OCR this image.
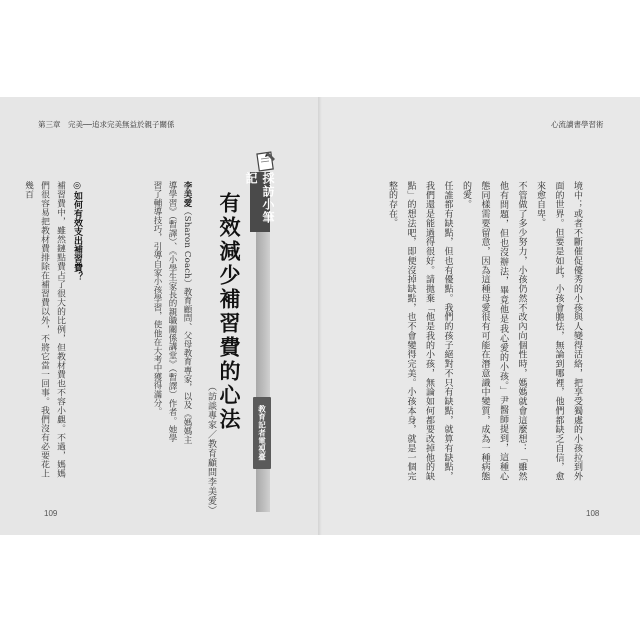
第三章　完美──追求完美無益於親子關係
採訪小筆記
教育記者電視臺
有效減少補習費的心法
︵訪談專家／教育顧問李美愛︶
李美愛（Sharon Coach）教育顧問、父母教育專家，以及《媽媽主導學習》（暫譯）、《小學生家長的親職關係講堂》（暫譯）作者。她學習了輔導技巧，引導自家小孩學習，使他在大考中獲得滿分。
◎如何有效支出補習費？
補習費中，雖然鏈點費占了很大的比例，但教材費也不容小覷。不過，媽媽們很容易把教材費排除在補習費以外，不將它當一回事。我們沒有必要花上幾百
109
心流讀書學習術

境中；或者不斷催促優秀的小孩與人變得活絡，把享受獨處的小孩拉到外面的世界。但要是如此，小孩會膽怯，無論到哪裡，他們都缺乏自信，愈來愈自卑。

不管做了多少努力，小孩仍然不改內向個性時，媽媽就會這麼想：「雖然他有問題，但也沒辦法，畢竟他是我心愛的小孩。」尹醫師提到，這種心態同樣需要留意，因為這種母愛很有可能在潛意識中變質，成為一種病態的愛。

任誰都有缺點，但也有優點。我們的孩子絕對不只有缺點，就算有缺點，我們還是能過得很好。請拋棄「他是我的小孩，無論如何都要改掉他的缺點」的想法吧，即便沒掉缺點，也不會變得完美。小孩本身，就是一個完整的存在。

108
